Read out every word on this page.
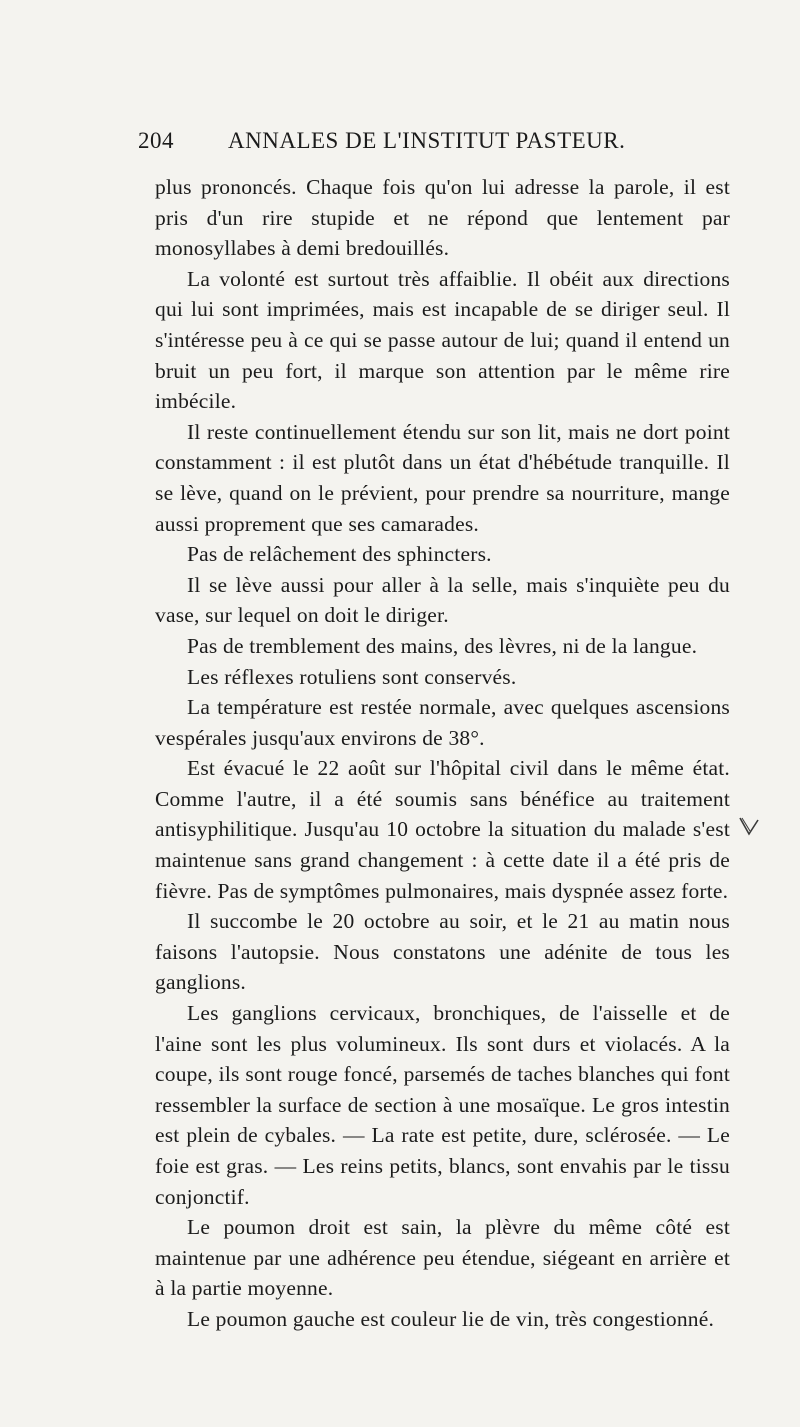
204 ANNALES DE L'INSTITUT PASTEUR.

plus prononcés. Chaque fois qu'on lui adresse la parole, il est pris d'un rire stupide et ne répond que lentement par monosyllabes à demi bredouillés.

La volonté est surtout très affaiblie. Il obéit aux directions qui lui sont imprimées, mais est incapable de se diriger seul. Il s'intéresse peu à ce qui se passe autour de lui; quand il entend un bruit un peu fort, il marque son attention par le même rire imbécile.

Il reste continuellement étendu sur son lit, mais ne dort point constamment : il est plutôt dans un état d'hébétude tranquille. Il se lève, quand on le prévient, pour prendre sa nourriture, mange aussi proprement que ses camarades.

Pas de relâchement des sphincters.

Il se lève aussi pour aller à la selle, mais s'inquiète peu du vase, sur lequel on doit le diriger.

Pas de tremblement des mains, des lèvres, ni de la langue.

Les réflexes rotuliens sont conservés.

La température est restée normale, avec quelques ascensions vespérales jusqu'aux environs de 38°.

Est évacué le 22 août sur l'hôpital civil dans le même état. Comme l'autre, il a été soumis sans bénéfice au traitement antisyphilitique. Jusqu'au 10 octobre la situation du malade s'est maintenue sans grand changement : à cette date il a été pris de fièvre. Pas de symptômes pulmonaires, mais dyspnée assez forte.

Il succombe le 20 octobre au soir, et le 21 au matin nous faisons l'autopsie. Nous constatons une adénite de tous les ganglions.

Les ganglions cervicaux, bronchiques, de l'aisselle et de l'aine sont les plus volumineux. Ils sont durs et violacés. A la coupe, ils sont rouge foncé, parsemés de taches blanches qui font ressembler la surface de section à une mosaïque. Le gros intestin est plein de cybales. — La rate est petite, dure, sclérosée. — Le foie est gras. — Les reins petits, blancs, sont envahis par le tissu conjonctif.

Le poumon droit est sain, la plèvre du même côté est maintenue par une adhérence peu étendue, siégeant en arrière et à la partie moyenne.

Le poumon gauche est couleur lie de vin, très congestionné.
